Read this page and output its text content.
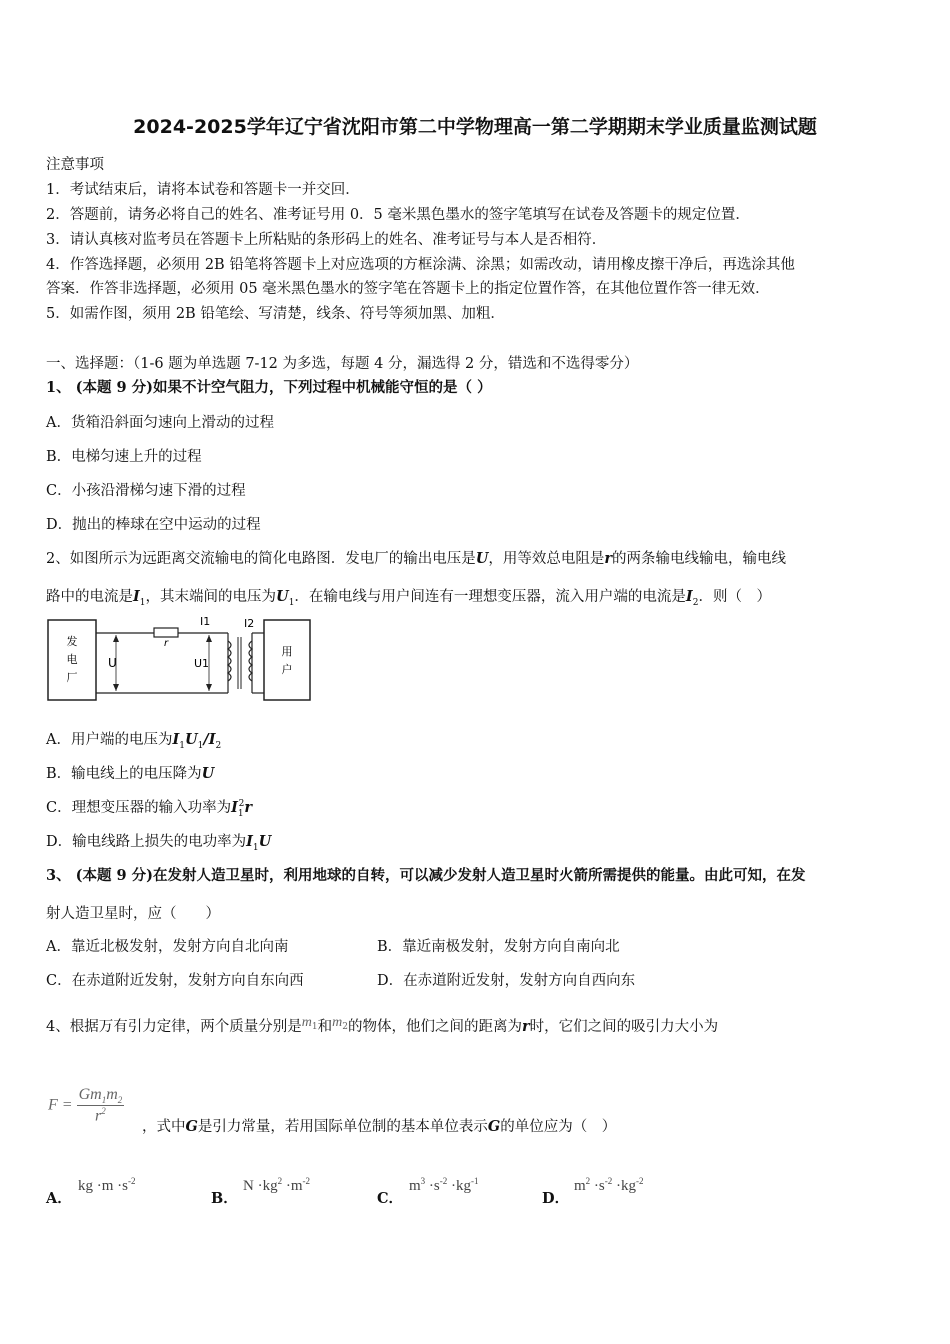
2024-2025学年辽宁省沈阳市第二中学物理高一第二学期期末学业质量监测试题
注意事项
1．考试结束后，请将本试卷和答题卡一并交回．
2．答题前，请务必将自己的姓名、准考证号用 0．5 毫米黑色墨水的签字笔填写在试卷及答题卡的规定位置．
3．请认真核对监考员在答题卡上所粘贴的条形码上的姓名、准考证号与本人是否相符．
4．作答选择题，必须用 2B 铅笔将答题卡上对应选项的方框涂满、涂黑；如需改动，请用橡皮擦干净后，再选涂其他
答案．作答非选择题，必须用 05 毫米黑色墨水的签字笔在答题卡上的指定位置作答，在其他位置作答一律无效．
5．如需作图，须用 2B 铅笔绘、写清楚，线条、符号等须加黑、加粗．
一、选择题：（1-6 题为单选题 7-12 为多选，每题 4 分，漏选得 2 分，错选和不选得零分）
1、 (本题 9 分)如果不计空气阻力，下列过程中机械能守恒的是（ ）
A．货箱沿斜面匀速向上滑动的过程
B．电梯匀速上升的过程
C．小孩沿滑梯匀速下滑的过程
D．抛出的棒球在空中运动的过程
2、如图所示为远距离交流输电的简化电路图．发电厂的输出电压是U，用等效总电阻是r的两条输电线输电，输电线
路中的电流是$I_1$，其末端间的电压为$U_1$．在输电线与用户间连有一理想变压器，流入用户端的电流是$I_2$．则（　）
发
电
厂
r
I1
U	U1
I2
用
户
A．用户端的电压为$I_1U_1/I_2$
B．输电线上的电压降为U
C．理想变压器的输入功率为$I_1^2r$
D．输电线路上损失的电功率为$I_1U$
3、 (本题 9 分)在发射人造卫星时，利用地球的自转，可以减少发射人造卫星时火箭所需提供的能量。由此可知，在发
射人造卫星时，应（　　）
A．靠近北极发射，发射方向自北向南	B．靠近南极发射，发射方向自南向北
C．在赤道附近发射，发射方向自东向西	D．在赤道附近发射，发射方向自西向东
4、根据万有引力定律，两个质量分别是$m_1$和$m_2$的物体，他们之间的距离为r时，它们之间的吸引力大小为
$F = \frac{Gm_1m_2}{r^2}$
，式中G是引力常量，若用国际单位制的基本单位表示G的单位应为（　）
A．
kg $\cdot m \cdot s^{-2}$
B．
$N \cdot kg^2 \cdot m^{-2}$
C．
$m^3 \cdot s^{-2} \cdot kg^{-1}$
D．
$m^2 \cdot s^{-2} \cdot kg^{-2}$
